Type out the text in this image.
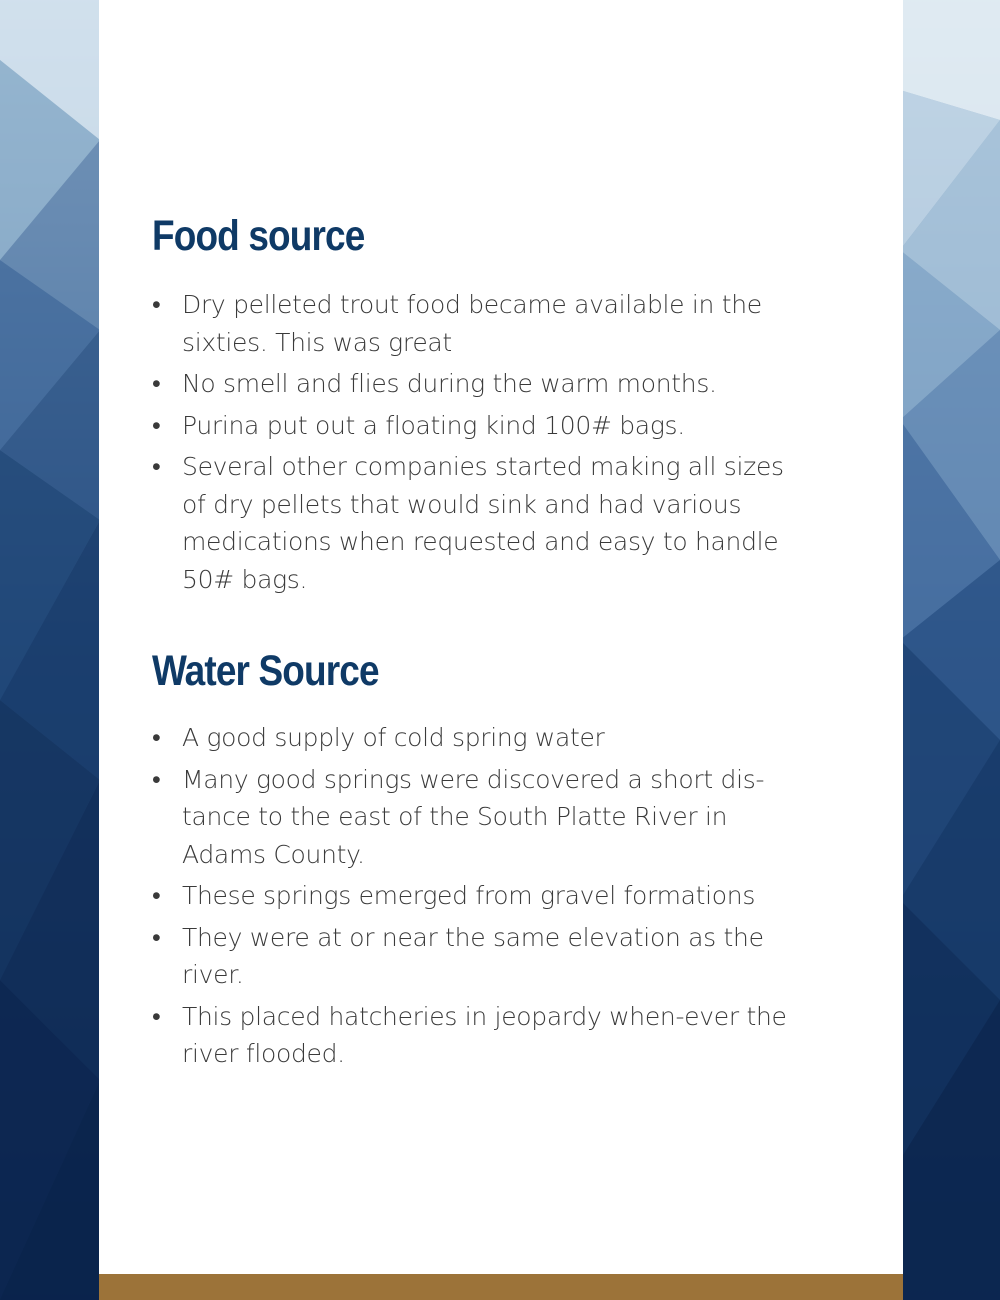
Food source
• Dry pelleted trout food became available in the sixties. This was great
• No smell and flies during the warm months.
• Purina put out a floating kind 100# bags.
• Several other companies started making all sizes of dry pellets that would sink and had various medications when requested and easy to handle 50# bags.
Water Source
• A good supply of cold spring water
• Many good springs were discovered a short dis-tance to the east of the South Platte River in Adams County.
• These springs emerged from gravel formations
• They were at or near the same elevation as the river.
• This placed hatcheries in jeopardy when-ever the river flooded.
